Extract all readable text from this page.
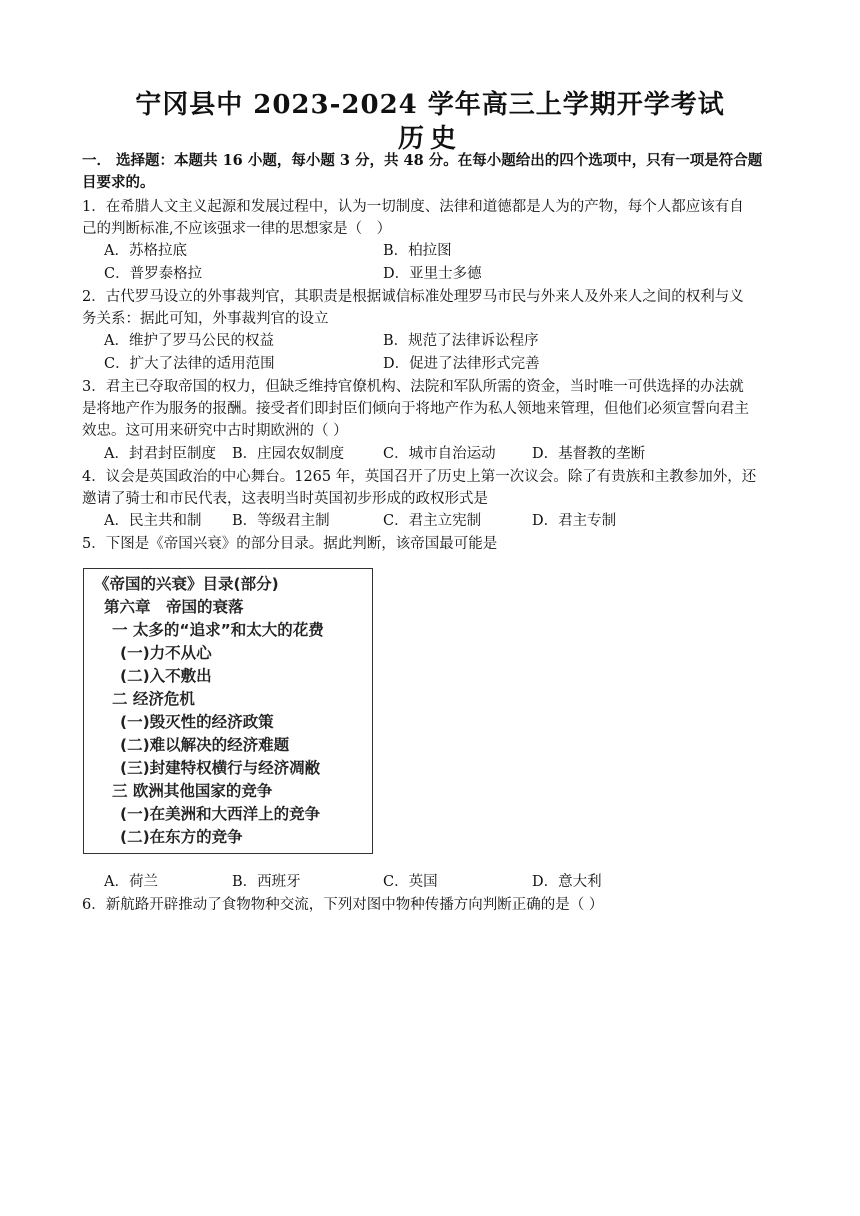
宁冈县中 2023-2024 学年高三上学期开学考试
历史
一． 选择题：本题共 16 小题，每小题 3 分，共 48 分。在每小题给出的四个选项中，只有一项是符合题
目要求的。
1．在希腊人文主义起源和发展过程中，认为一切制度、法律和道德都是人为的产物，每个人都应该有自
己的判断标准,不应该强求一律的思想家是（　）
A．苏格拉底	B．柏拉图
C．普罗泰格拉	D．亚里士多德
2．古代罗马设立的外事裁判官，其职责是根据诚信标准处理罗马市民与外来人及外来人之间的权利与义
务关系：据此可知，外事裁判官的设立
A．维护了罗马公民的权益	B．规范了法律诉讼程序
C．扩大了法律的适用范围	D．促进了法律形式完善
3．君主已夺取帝国的权力，但缺乏维持官僚机构、法院和军队所需的资金，当时唯一可供选择的办法就
是将地产作为服务的报酬。接受者们即封臣们倾向于将地产作为私人领地来管理，但他们必须宣誓向君主
效忠。这可用来研究中古时期欧洲的（ ）
A．封君封臣制度 B．庄园农奴制度	C．城市自治运动	D．基督教的垄断
4．议会是英国政治的中心舞台。1265 年，英国召开了历史上第一次议会。除了有贵族和主教参加外，还
邀请了骑士和市民代表，这表明当时英国初步形成的政权形式是
A．民主共和制 B．等级君主制	C．君主立宪制	D．君主专制
5．下图是《帝国兴衰》的部分目录。据此判断，该帝国最可能是
《帝国的兴衰》目录(部分)
第六章　帝国的衰落
一 太多的“追求”和太大的花费
(一)力不从心
(二)入不敷出
二 经济危机
(一)毁灭性的经济政策
(二)难以解决的经济难题
(三)封建特权横行与经济凋敝
三 欧洲其他国家的竞争
(一)在美洲和大西洋上的竞争
(二)在东方的竞争
A．荷兰	B．西班牙	C．英国	D．意大利
6．新航路开辟推动了食物物种交流，下列对图中物种传播方向判断正确的是（ ）
